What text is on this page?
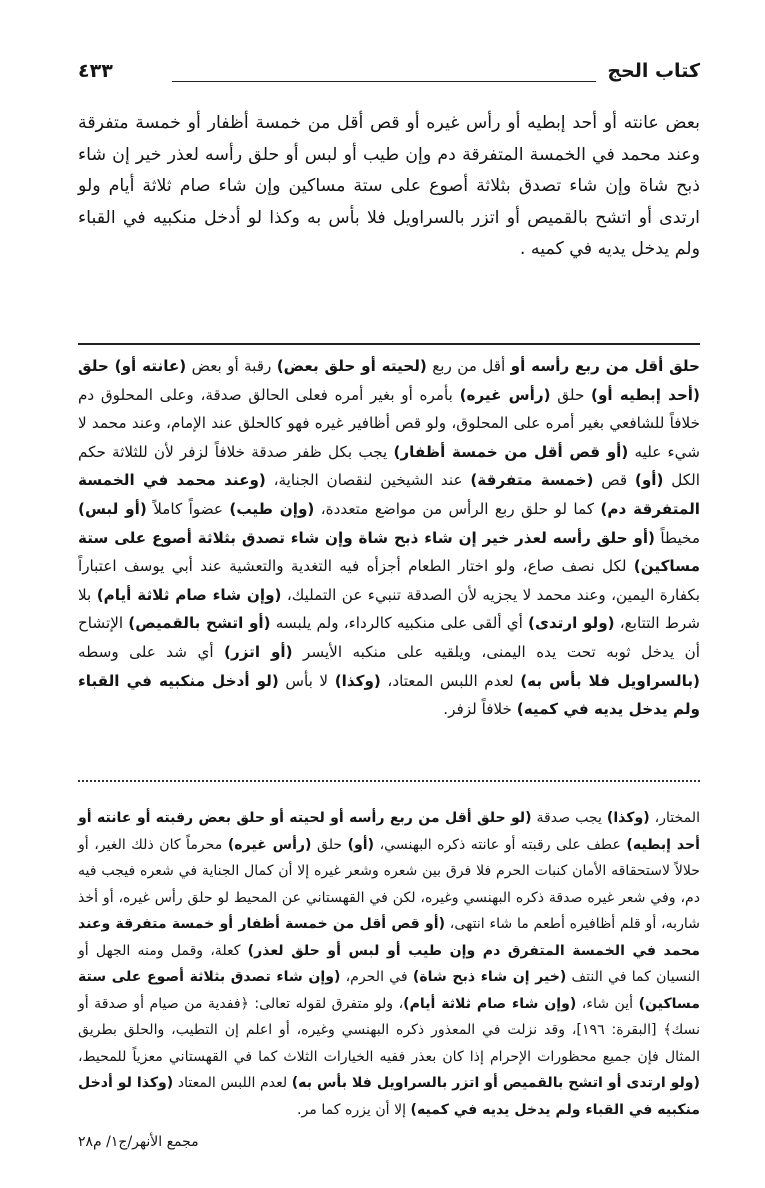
كتاب الحج
٤٣٣

بعض عانته أو أحد إبطيه أو رأس غيره أو قص أقل من خمسة أظفار أو خمسة متفرقة وعند محمد في الخمسة المتفرقة دم وإن طيب أو لبس أو حلق رأسه لعذر خير إن شاء ذبح شاة وإن شاء تصدق بثلاثة أصوع على ستة مساكين وإن شاء صام ثلاثة أيام ولو ارتدى أو اتشح بالقميص أو اتزر بالسراويل فلا بأس به وكذا لو أدخل منكبيه في القباء ولم يدخل يديه في كميه .

حلق أقل من ربع رأسه أو أقل من ربع (لحيته أو حلق بعض) رقبة أو بعض (عانته أو) حلق (أحد إبطيه أو) حلق (رأس غيره) بأمره أو بغير أمره فعلى الحالق صدقة، وعلى المحلوق دم خلافاً للشافعي بغير أمره على المحلوق، ولو قص أظافير غيره فهو كالحلق عند الإمام، وعند محمد لا شيء عليه (أو قص أقل من خمسة أظفار) يجب بكل ظفر صدقة خلافاً لزفر لأن للثلاثة حكم الكل (أو) قص (خمسة متفرقة) عند الشيخين لنقصان الجناية، (وعند محمد في الخمسة المتفرقة دم) كما لو حلق ربع الرأس من مواضع متعددة، (وإن طيب) عضواً كاملاً (أو لبس) مخيطاً (أو حلق رأسه لعذر خير إن شاء ذبح شاة وإن شاء تصدق بثلاثة أصوع على ستة مساكين) لكل نصف صاع، ولو اختار الطعام أجزأه فيه التغدية والتعشية عند أبي يوسف اعتباراً بكفارة اليمين، وعند محمد لا يجزيه لأن الصدقة تنبيء عن التمليك، (وإن شاء صام ثلاثة أيام) بلا شرط التتابع، (ولو ارتدى) أي ألقى على منكبيه كالرداء، ولم يلبسه (أو اتشح بالقميص) الإتشاح أن يدخل ثوبه تحت يده اليمنى، ويلقيه على منكبه الأيسر (أو اتزر) أي شد على وسطه (بالسراويل فلا بأس به) لعدم اللبس المعتاد، (وكذا) لا بأس (لو أدخل منكبيه في القباء ولم يدخل يديه في كميه) خلافاً لزفر.

المختار، (وكذا) يجب صدقة (لو حلق أقل من ربع رأسه أو لحيته أو حلق بعض رقبته أو عانته أو أحد إبطيه) عطف على رقبته أو عانته ذكره البهنسي، (أو) حلق (رأس غيره) محرماً كان ذلك الغير، أو حلالاً لاستحقاقه الأمان كنبات الحرم فلا فرق بين شعره وشعر غيره إلا أن كمال الجناية في شعره فيجب فيه دم، وفي شعر غيره صدقة ذكره البهنسي وغيره، لكن في القهستاني عن المحيط لو حلق رأس غيره، أو أخذ شاربه، أو قلم أظافيره أطعم ما شاء انتهى، (أو قص أقل من خمسة أظفار أو خمسة متفرقة وعند محمد في الخمسة المتفرق دم وإن طيب أو لبس أو حلق لعذر) كعلة، وقمل ومنه الجهل أو النسيان كما في النتف (خير إن شاء ذبح شاة) في الحرم، (وإن شاء تصدق بثلاثة أصوع على ستة مساكين) أين شاء، (وإن شاء صام ثلاثة أيام)، ولو متفرق لقوله تعالى: ﴿ففدية من صيام أو صدقة أو نسك﴾ [البقرة: ١٩٦]، وقد نزلت في المعذور ذكره البهنسي وغيره، أو اعلم إن التطيب، والحلق بطريق المثال فإن جميع محظورات الإحرام إذا كان بعذر ففيه الخيارات الثلاث كما في القهستاني معزياً للمحيط، (ولو ارتدى أو اتشح بالقميص أو اتزر بالسراويل فلا بأس به) لعدم اللبس المعتاد (وكذا لو أدخل منكبيه في القباء ولم يدخل يديه في كميه) إلا أن يزره كما مر.

مجمع الأنهر/ج١/ م٢٨
